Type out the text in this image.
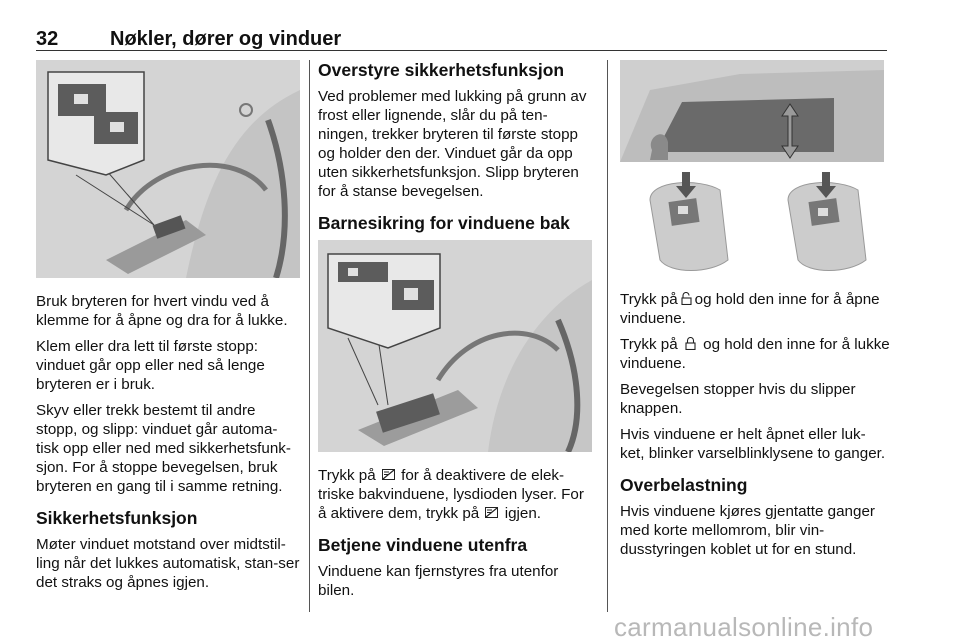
32	Nøkler, dører og vinduer

Bruk bryteren for hvert vindu ved å klemme for å åpne og dra for å lukke.

Klem eller dra lett til første stopp: vinduet går opp eller ned så lenge bryteren er i bruk.

Skyv eller trekk bestemt til andre stopp, og slipp: vinduet går automa-tisk opp eller ned med sikkerhetsfunk-sjon. For å stoppe bevegelsen, bruk bryteren en gang til i samme retning.

Sikkerhetsfunksjon

Møter vinduet motstand over midtstil-ling når det lukkes automatisk, stan-ser det straks og åpnes igjen.

Overstyre sikkerhetsfunksjon

Ved problemer med lukking på grunn av frost eller lignende, slår du på ten-ningen, trekker bryteren til første stopp og holder den der. Vinduet går da opp uten sikkerhetsfunksjon. Slipp bryteren for å stanse bevegelsen.

Barnesikring for vinduene bak

Trykk på for å deaktivere de elek-triske bakvinduene, lysdioden lyser. For å aktivere dem, trykk på igjen.

Betjene vinduene utenfra

Vinduene kan fjernstyres fra utenfor bilen.

Trykk på og hold den inne for å åpne vinduene.

Trykk på og hold den inne for å lukke vinduene.

Bevegelsen stopper hvis du slipper knappen.

Hvis vinduene er helt åpnet eller luk-ket, blinker varselblinklysene to ganger.

Overbelastning

Hvis vinduene kjøres gjentatte ganger med korte mellomrom, blir vin-dusstyringen koblet ut for en stund.

carmanualsonline.info
